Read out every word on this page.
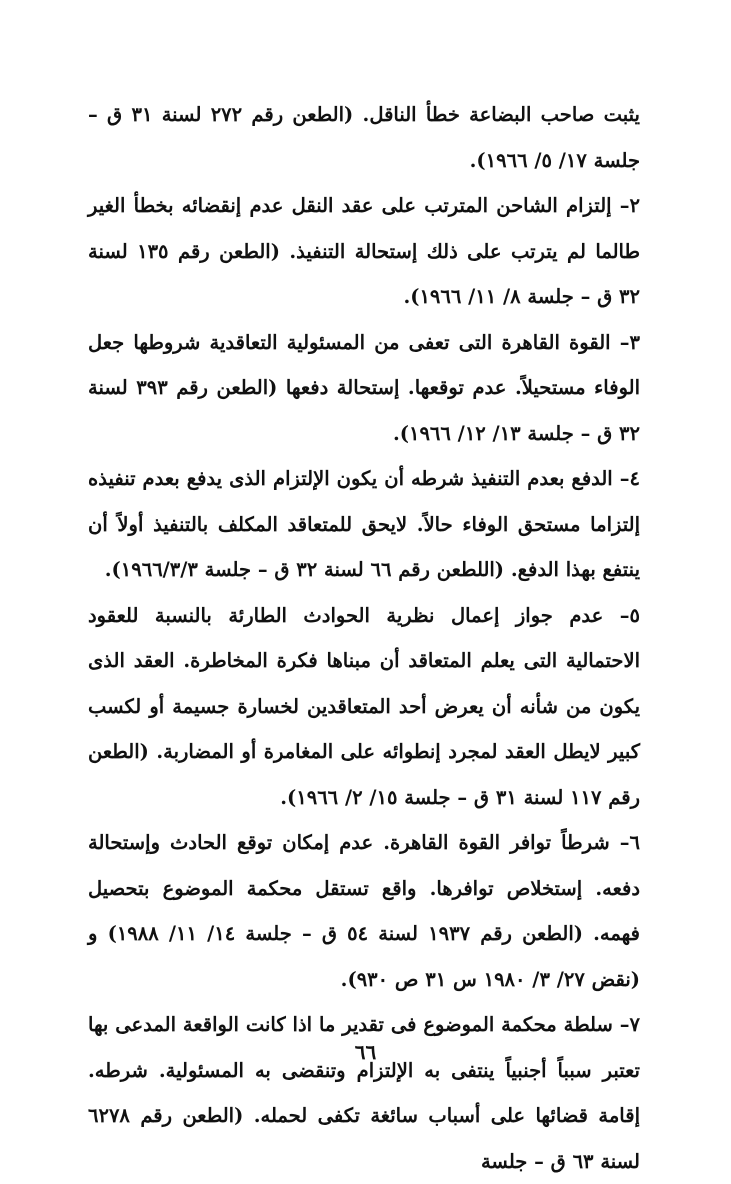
يثبت صاحب البضاعة خطأ الناقل. (الطعن رقم ٢٧٢ لسنة ٣١ ق – جلسة ١٧/ ٥/ ١٩٦٦).

٢– إلتزام الشاحن المترتب على عقد النقل عدم إنقضائه بخطأ الغير طالما لم يترتب على ذلك إستحالة التنفيذ. (الطعن رقم ١٣٥ لسنة ٣٢ ق – جلسة ٨/ ١١/ ١٩٦٦).

٣– القوة القاهرة التى تعفى من المسئولية التعاقدية شروطها جعل الوفاء مستحيلاً. عدم توقعها. إستحالة دفعها (الطعن رقم ٣٩٣ لسنة ٣٢ ق – جلسة ١٣/ ١٢/ ١٩٦٦).

٤– الدفع بعدم التنفيذ شرطه أن يكون الإلتزام الذى يدفع بعدم تنفيذه إلتزاما مستحق الوفاء حالاً. لايحق للمتعاقد المكلف بالتنفيذ أولاً أن ينتفع بهذا الدفع. (اللطعن رقم ٦٦ لسنة ٣٢ ق – جلسة ١٩٦٦/٣/٣).

٥– عدم جواز إعمال نظرية الحوادث الطارئة بالنسبة للعقود الاحتمالية التى يعلم المتعاقد أن مبناها فكرة المخاطرة. العقد الذى يكون من شأنه أن يعرض أحد المتعاقدين لخسارة جسيمة أو لكسب كبير لايطل العقد لمجرد إنطوائه على المغامرة أو المضاربة. (الطعن رقم ١١٧ لسنة ٣١ ق – جلسة ١٥/ ٢/ ١٩٦٦).

٦– شرطاً توافر القوة القاهرة. عدم إمكان توقع الحادث وإستحالة دفعه. إستخلاص توافرها. واقع تستقل محكمة الموضوع بتحصيل فهمه. (الطعن رقم ١٩٣٧ لسنة ٥٤ ق – جلسة ١٤/ ١١/ ١٩٨٨) و (نقض ٢٧/ ٣/ ١٩٨٠ س ٣١ ص ٩٣٠).

٧– سلطة محكمة الموضوع فى تقدير ما اذا كانت الواقعة المدعى بها تعتبر سبباً أجنبياً ينتفى به الإلتزام وتنقضى به المسئولية. شرطه. إقامة قضائها على أسباب سائغة تكفى لحمله. (الطعن رقم ٦٢٧٨ لسنة ٦٣ ق – جلسة

٦٦
